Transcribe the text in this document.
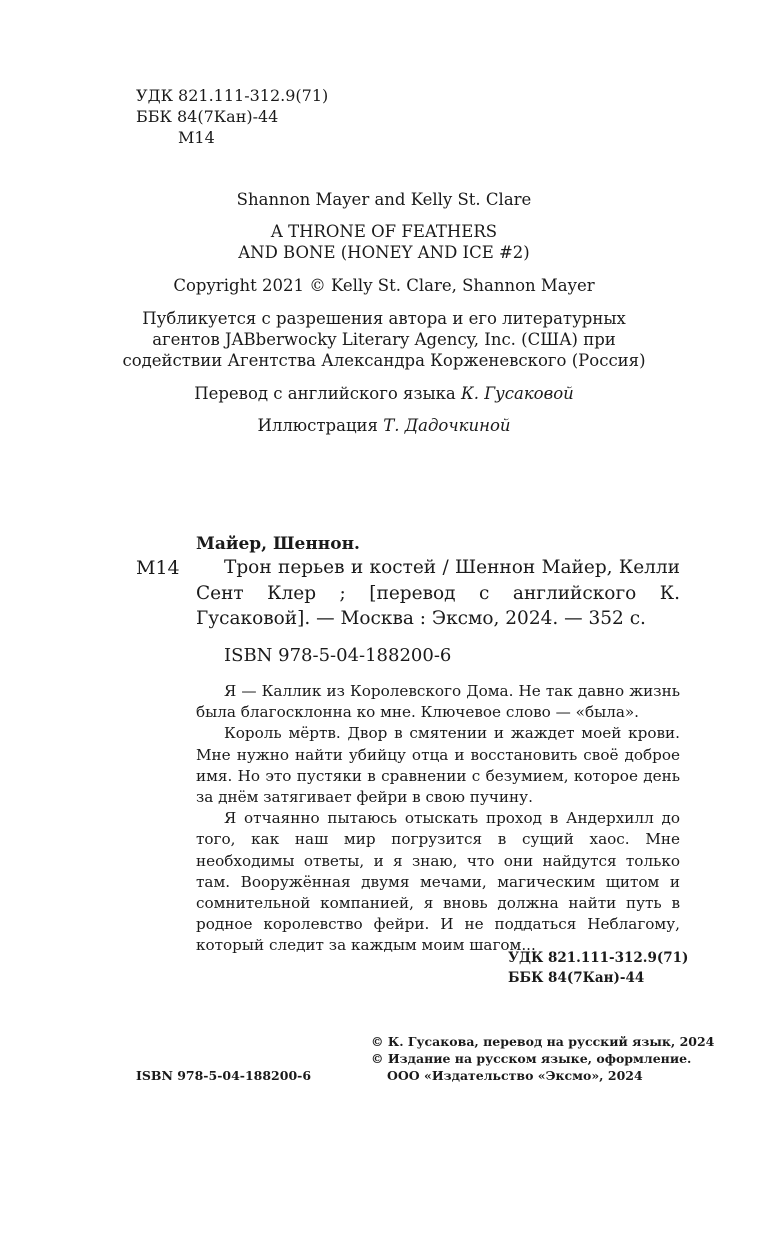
УДК 821.111-312.9(71)
ББК 84(7Кан)-44
М14
Shannon Mayer and Kelly St. Clare
A THRONE OF FEATHERS
AND BONE (HONEY AND ICE #2)
Copyright 2021 © Kelly St. Clare, Shannon Mayer
Публикуется с разрешения автора и его литературных
агентов JABberwocky Literary Agency, Inc. (США) при
содействии Агентства Александра Корженевского (Россия)
Перевод с английского языка К. Гусаковой
Иллюстрация Т. Дадочкиной
Майер, Шеннон.
М14	Трон перьев и костей / Шеннон Майер, Келли Сент Клер ; [перевод с английского К. Гусаковой]. — Москва : Эксмо, 2024. — 352 с.
ISBN 978-5-04-188200-6

Я — Каллик из Королевского Дома. Не так давно жизнь была благосклонна ко мне. Ключевое слово — «была».

Король мёртв. Двор в смятении и жаждет моей крови. Мне нужно найти убийцу отца и восстановить своё доброе имя. Но это пустяки в сравнении с безумием, которое день за днём затягивает фейри в свою пучину.

Я отчаянно пытаюсь отыскать проход в Андерхилл до того, как наш мир погрузится в сущий хаос. Мне необходимы ответы, и я знаю, что они найдутся только там. Вооружённая двумя мечами, магическим щитом и сомнительной компанией, я вновь должна найти путь в родное королевство фейри. И не поддаться Неблагому, который следит за каждым моим шагом...

УДК 821.111-312.9(71)
ББК 84(7Кан)-44
ISBN 978-5-04-188200-6
© К. Гусакова, перевод на русский язык, 2024
© Издание на русском языке, оформление.
ООО «Издательство «Эксмо», 2024
